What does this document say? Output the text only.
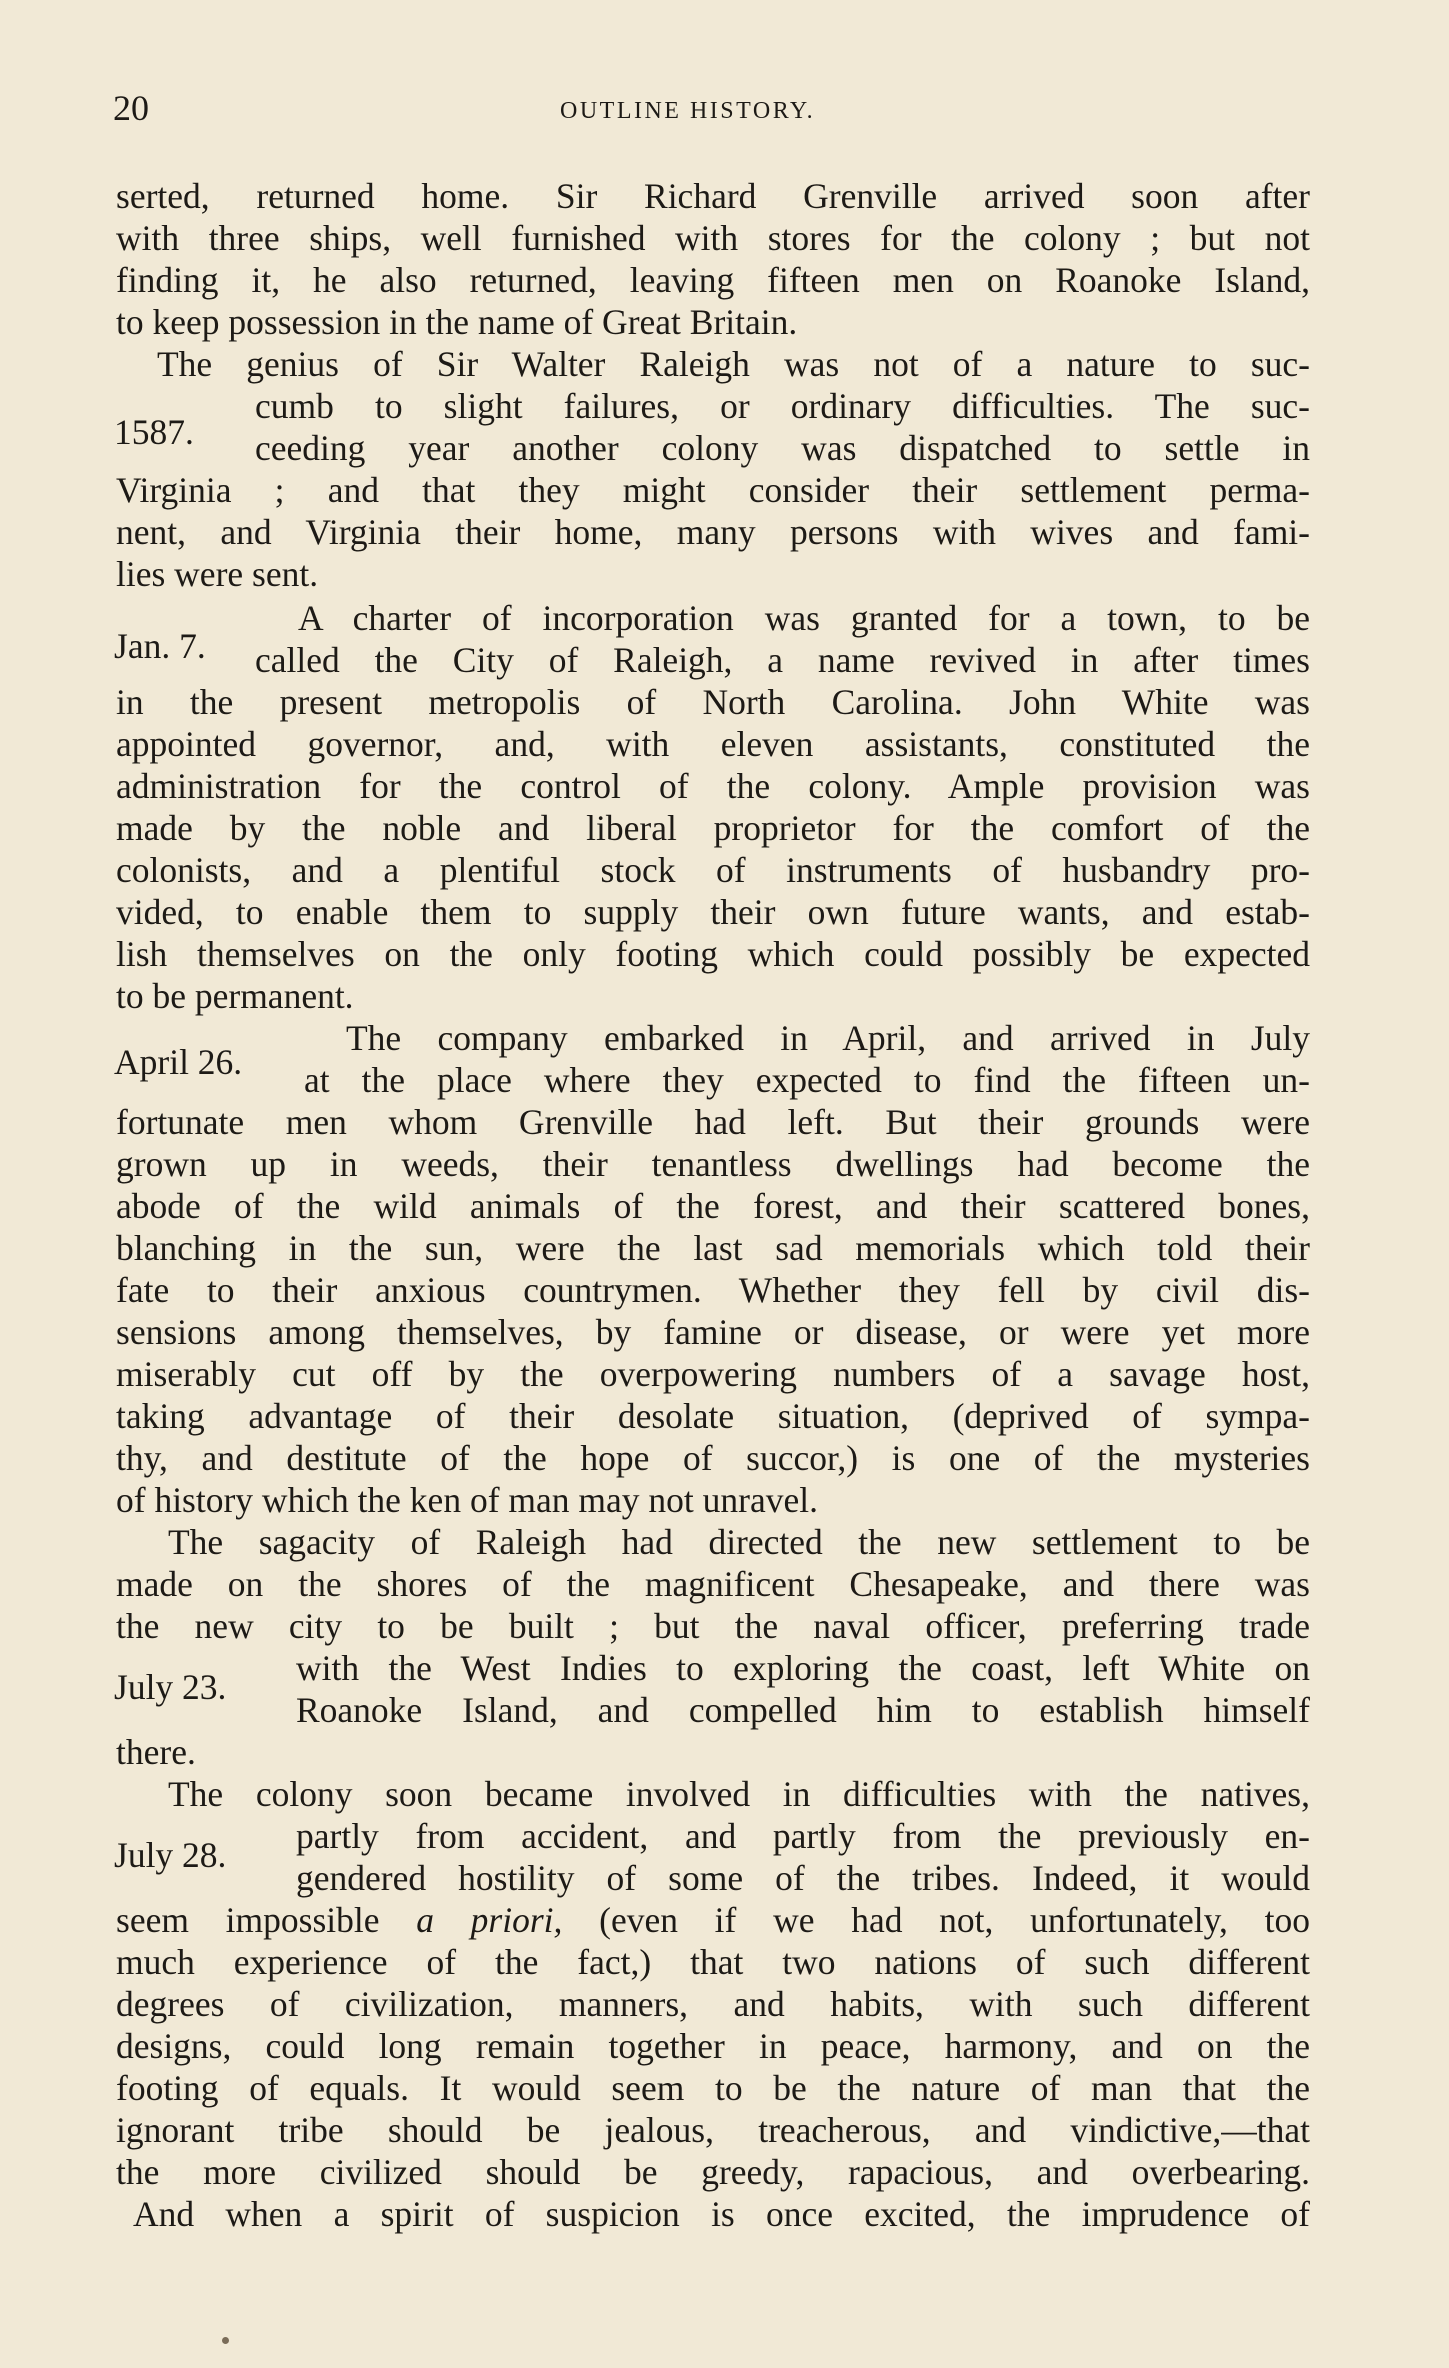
20	OUTLINE HISTORY.
1587.
Jan. 7.
April 26.
July 23.
July 28.
serted, returned home. Sir Richard Grenville arrived soon after
with three ships, well furnished with stores for the colony ; but not
finding it, he also returned, leaving fifteen men on Roanoke Island,
to keep possession in the name of Great Britain.
The genius of Sir Walter Raleigh was not of a nature to suc-
cumb to slight failures, or ordinary difficulties. The suc-
ceeding year another colony was dispatched to settle in
Virginia ; and that they might consider their settlement perma-
nent, and Virginia their home, many persons with wives and fami-
lies were sent.
A charter of incorporation was granted for a town, to be
called the City of Raleigh, a name revived in after times
in the present metropolis of North Carolina. John White was
appointed governor, and, with eleven assistants, constituted the
administration for the control of the colony. Ample provision was
made by the noble and liberal proprietor for the comfort of the
colonists, and a plentiful stock of instruments of husbandry pro-
vided, to enable them to supply their own future wants, and estab-
lish themselves on the only footing which could possibly be expected
to be permanent.
The company embarked in April, and arrived in July
at the place where they expected to find the fifteen un-
fortunate men whom Grenville had left. But their grounds were
grown up in weeds, their tenantless dwellings had become the
abode of the wild animals of the forest, and their scattered bones,
blanching in the sun, were the last sad memorials which told their
fate to their anxious countrymen. Whether they fell by civil dis-
sensions among themselves, by famine or disease, or were yet more
miserably cut off by the overpowering numbers of a savage host,
taking advantage of their desolate situation, (deprived of sympa-
thy, and destitute of the hope of succor,) is one of the mysteries
of history which the ken of man may not unravel.
The sagacity of Raleigh had directed the new settlement to be
made on the shores of the magnificent Chesapeake, and there was
the new city to be built ; but the naval officer, preferring trade
with the West Indies to exploring the coast, left White on
Roanoke Island, and compelled him to establish himself
there.
The colony soon became involved in difficulties with the natives,
partly from accident, and partly from the previously en-
gendered hostility of some of the tribes. Indeed, it would
seem impossible a priori, (even if we had not, unfortunately, too
much experience of the fact,) that two nations of such different
degrees of civilization, manners, and habits, with such different
designs, could long remain together in peace, harmony, and on the
footing of equals. It would seem to be the nature of man that the
ignorant tribe should be jealous, treacherous, and vindictive,—that
the more civilized should be greedy, rapacious, and overbearing.
And when a spirit of suspicion is once excited, the imprudence of
